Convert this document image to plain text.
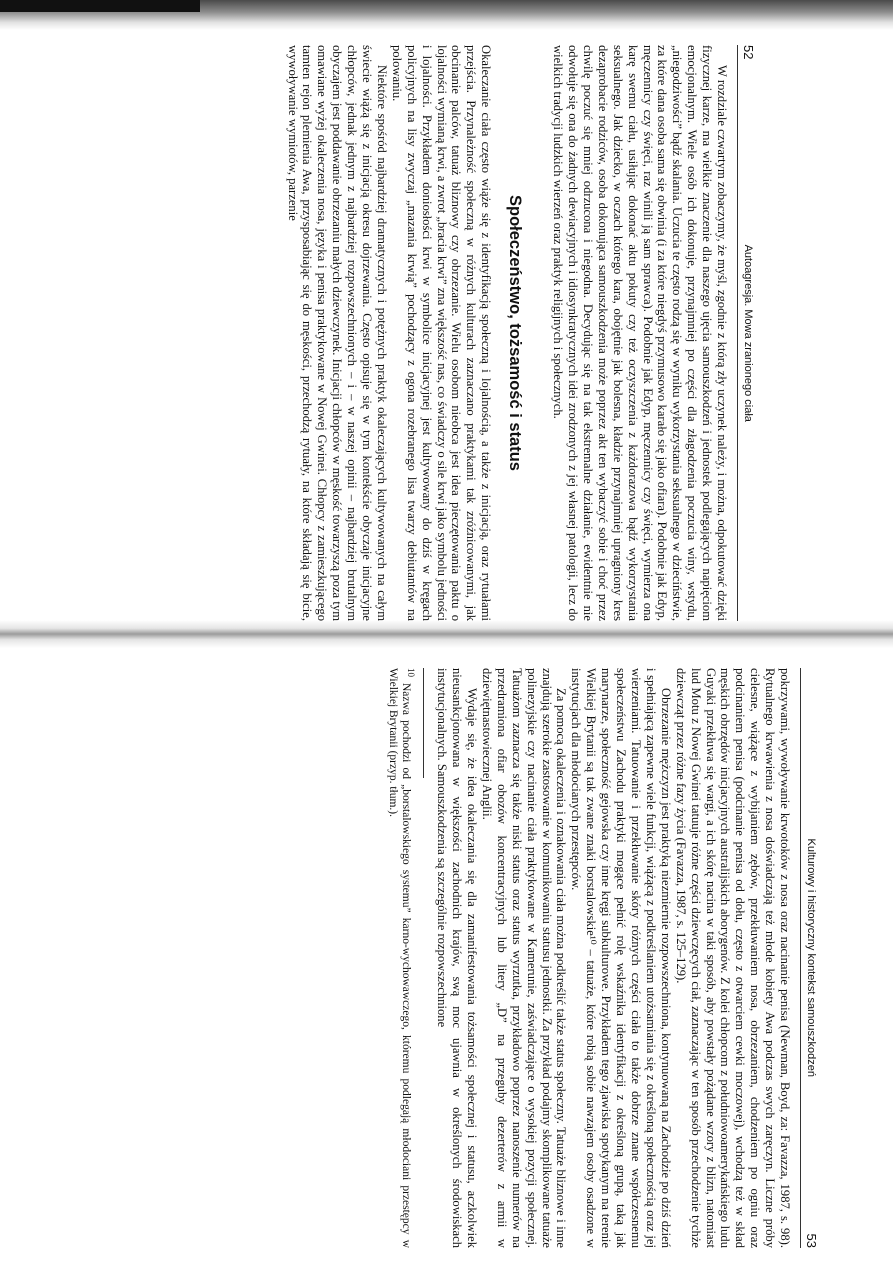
52
Autoagresja. Mowa zranionego ciała

W rozdziale czwartym zobaczymy, że myśl, zgodnie z którą zły uczynek należy, i można, odpokutować dzięki fizycznej karze, ma wielkie znaczenie dla naszego ujęcia samouszkodzeń i jednostek podlegających napięciom emocjonalnym. Wiele osób ich dokonuje, przynajmniej po części dla złagodzenia poczucia winy, wstydu, „niegodziwości” bądź skalania. Uczucia te często rodzą się w wyniku wykorzystania seksualnego w dzieciństwie, za które dana osoba sama się obwinia (i za które niegdyś przymusowo karało się jako ofiara). Podobnie jak Edyp, męczennicy czy święci, raz winili ją sam sprawca). Podobnie jak Edyp, męczennicy czy święci, wymierza ona karę swemu ciału, usiłując dokonać aktu pokuty czy też oczyszczenia z każdorazowa bądź wykorzystania seksualnego. Jak dziecko, w oczach którego kara, obojętnie jak bolesna, kładzie przynajmniej upragniony kres dezaprobacie rodziców, osoba dokonująca samouszkodzenia może poprzez akt ten wybaczyć sobie i choć przez chwilę poczuć się mniej odrzucona i niegodna. Decydując się na tak ekstremalne działanie, ewidentnie nie odwołuje się ona do żadnych dewiacyjnych i idiosynkratycznych idei zrodzonych z jej własnej patologii, lecz do wielkich tradycji ludzkich wierzeń oraz praktyk religijnych i społecznych.

Społeczeństwo, tożsamość i status

Okaleczanie ciała często wiąże się z identyfikacją społeczną i lojalnością, a także z inicjacją, oraz rytuałami przejścia. Przynależność społeczną w różnych kulturach zaznaczano praktykami tak zróżnicowanymi, jak obcinanie palców, tatuaż bliznowy czy obrzezanie. Wielu osobom nieobca jest idea pieczętowania paktu o lojalności wymianą krwi, a zwrot „bracia krwi” zna większość nas, co świadczy o sile krwi jako symbolu jedności i lojalności. Przykładem doniosłości krwi w symbolice inicjacyjnej jest kultywowany do dziś w kręgach policyjnych na lisy zwyczaj „mazania krwią” pochodzący z ogona rozebranego lisa twarzy debiutantów na polowaniu.

Niektóre spośród najbardziej dramatycznych i potężnych praktyk okaleczających kultywowanych na całym świecie wiążą się z inicjacją okresu dojrzewania. Często opisuje się w tym kontekście obyczaje inicjacyjne chłopców, jednak jednym z najbardziej rozpowszechnionych – i – w naszej opinii – najbardziej brutalnym obyczajem jest poddawanie obrzezaniu małych dziewczynek. Inicjacji chłopców w męskość towarzyszą poza tym omawiane wyżej okaleczenia nosa, języka i penisa praktykowane w Nowej Gwinei. Chłopcy z zamieszkującego tamten rejon plemienia Awa, przysposabiając się do męskości, przechodzą rytuały, na które składają się bicie, wywoływanie wymiotów, parzenie

Kulturowy i historyczny kontekst samouszkodzeń
53

pokrzywami, wywoływanie krwotoków z nosa oraz nacinanie penisa (Newman, Boyd, za: Favazza, 1987, s. 98). Rytualnego krwawienia z nosa doświadczają też młode kobiety Awa podczas swych zaręczyn. Liczne próby cielesne, wiążące z wybijaniem zębów, przekłuwaniem nosa, obrzezaniem, chodzeniem po ogniu oraz podcinaniem penisa (podcinanie penisa od dołu, często z otwarciem cewki moczowej), wchodzą też w skład męskich obrzędów inicjacyjnych australijskich aborygenów. Z kolei chłopcom z południowoamerykańskiego ludu Guyaki przekłuwa się wargi, a ich skórę nacina w taki sposób, aby powstały pożądane wzory z blizn, natomiast lud Motu z Nowej Gwinei tatuuje różne części dziewczęcych ciał, zaznaczając w ten sposób przechodzenie tychże dziewcząt przez różne fazy życia (Favazza, 1987, s. 125–129).

Obrzezanie mężczyzn jest praktyką niezmiernie rozpowszechniona, kontynuowaną na Zachodzie po dziś dzień i spełniającą zapewne wiele funkcji, wiążącą z podkreślaniem utożsamiania się z określoną społecznością oraz jej wierzeniami. Tatuowanie i przekłuwanie skóry różnych części ciała to także dobrze znane współczesnemu społeczeństwu Zachodu praktyki mogące pełnić rolę wskaźnika identyfikacji z określoną grupą, taką jak marynarze, społeczność gejowska czy inne kręgi subkulturowe. Przykładem tego zjawiska spotykanym na terenie Wielkiej Brytanii są tak zwane znaki borstalowskie¹⁰ – tatuaże, które robią sobie nawzajem osoby osadzone w instytucjach dla młodocianych przestępców.

Za pomocą okaleczenia i oznakowania ciała można podkreślić także status społeczny. Tatuaże bliznowe i inne znajdują szerokie zastosowanie w komunikowaniu statusu jednostki. Za przykład podajmy skomplikowane tatuaże polinezyjskie czy nacinanie ciała praktykowane w Kamerunie, zaświadczające o wysokiej pozycji społecznej. Tatuażom zaznacza się także niski status oraz status wyrzutka, przykładowo poprzez nanoszenie numerów na przedramiona ofiar obozów koncentracyjnych lub litery „D” na przeguby dezerterów z armii w dziewiętnastowiecznej Anglii.

Wydaje się, że idea okaleczania się dla zamanifestowania tożsamości społecznej i statusu, aczkolwiek nieusankcjonowana w większości zachodnich krajów, swą moc ujawnia w określonych środowiskach instytucjonalnych. Samouszkodzenia są szczególnie rozpowszechnione

$^{10}$Nazwa pochodzi od „borstalowskiego systemu” karno-wychowawczego, któremu podlegają młodociani przestępcy w Wielkiej Brytanii (przyp. tłum.).
